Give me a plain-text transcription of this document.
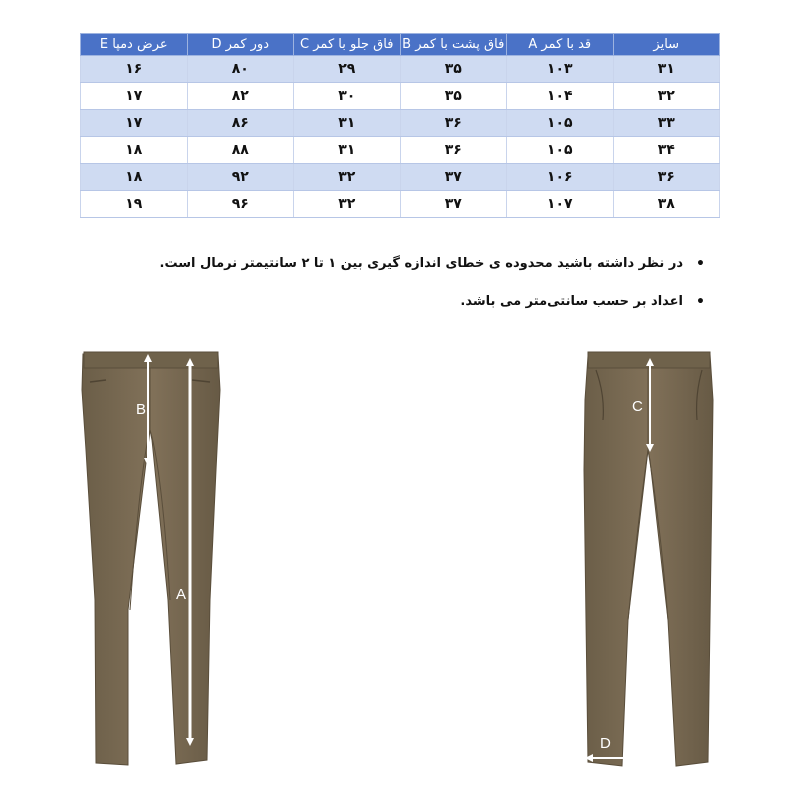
سایز	قد با کمر A	فاق پشت با کمر B	فاق جلو با کمر C	دور کمر D	عرض دمپا E
۳۱	۱۰۳	۳۵	۲۹	۸۰	۱۶
۳۲	۱۰۴	۳۵	۳۰	۸۲	۱۷
۳۳	۱۰۵	۳۶	۳۱	۸۶	۱۷
۳۴	۱۰۵	۳۶	۳۱	۸۸	۱۸
۳۶	۱۰۶	۳۷	۳۲	۹۲	۱۸
۳۸	۱۰۷	۳۷	۳۲	۹۶	۱۹
•
در نظر داشته باشید محدوده ی خطای اندازه گیری بین ۱ تا ۲ سانتیمتر نرمال است.
•
اعداد بر حسب سانتی‌متر می باشد.
B
A
C
D
